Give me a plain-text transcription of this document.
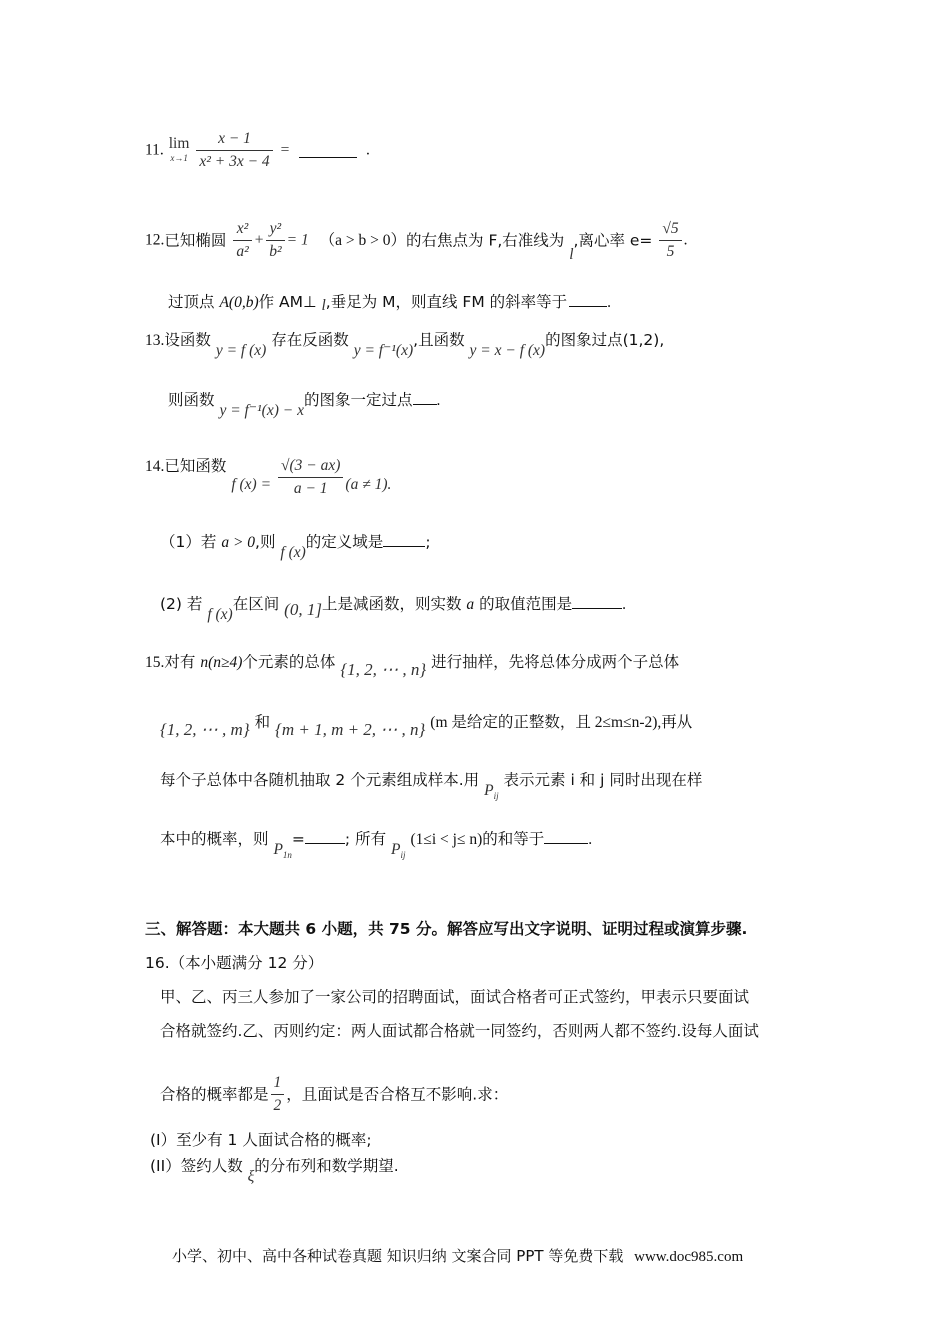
11. lim
x→1
$\frac{x - 1}{\text{x² + 3x − 4}}$ =	.
12.已知椭圆 $\frac{\text{x²}}{\text{a²}} + \frac{\text{y²}}{\text{b²}} = 1$ （a > b > 0）的右焦点为 F,右准线为 l,离心率 $e= \frac{√5}{5}$ .
过顶点 A(0,b)作 AM⊥ l,垂足为 M，则直线 FM 的斜率等于	.
13.设函数 y = f (x) 存在反函数 y = f⁻¹(x),且函数 y = x − f (x)的图象过点(1,2),
则函数 y = f⁻¹(x) − x的图象一定过点 .
14.已知函数 f $(x) = \frac{√(3 - ax)}{a - 1} (a \ne 1)$.
（1）若 a > 0,则 f (x)的定义域是	;
(2) 若 f (x)在区间 (0, 1]上是减函数，则实数 a 的取值范围是	.
15.对有 n(n≥4)个元素的总体 {1, 2, ⋯ , n} 进行抽样，先将总体分成两个子总体
{1, 2, ⋯ , m} 和 {m + 1, m + 2, ⋯ , n} (m 是给定的正整数，且 2≤m≤n-2),再从
每个子总体中各随机抽取 2 个元素组成样本.用 $P_{ij}$ 表示元素 i 和 j 同时出现在样
本中的概率，则 $P_{1n}=$	; 所有 $P_{ij}$ (1≤i < j≤ n)的和等于	.
三、解答题：本大题共 6 小题，共 75 分。解答应写出文字说明、证明过程或演算步骤.
16.（本小题满分 12 分）
甲、乙、丙三人参加了一家公司的招聘面试，面试合格者可正式签约，甲表示只要面试
合格就签约.乙、丙则约定：两人面试都合格就一同签约，否则两人都不签约.设每人面试
合格的概率都是 $\frac{1}{2}$ ，且面试是否合格互不影响.求：
(I）至少有 1 人面试合格的概率;
(II）签约人数 ξ的分布列和数学期望.
小学、初中、高中各种试卷真题 知识归纳 文案合同 PPT 等免费下载 www.doc985.com
